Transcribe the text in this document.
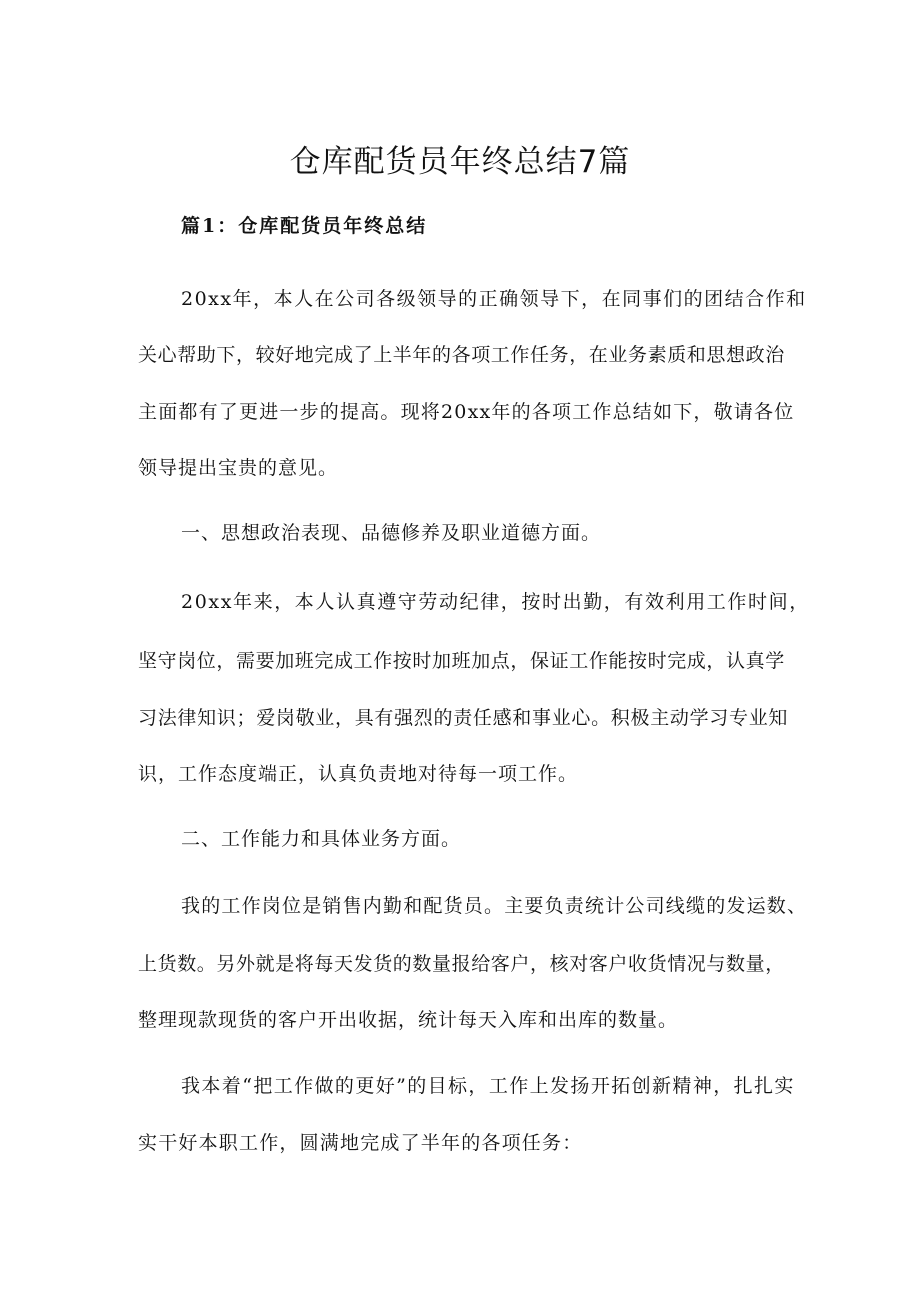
仓库配货员年终总结7篇
篇1：仓库配货员年终总结
20xx年，本人在公司各级领导的正确领导下，在同事们的团结合作和
关心帮助下，较好地完成了上半年的各项工作任务，在业务素质和思想政治
主面都有了更进一步的提高。现将20xx年的各项工作总结如下，敬请各位
领导提出宝贵的意见。
一、思想政治表现、品德修养及职业道德方面。
20xx年来，本人认真遵守劳动纪律，按时出勤，有效利用工作时间，
坚守岗位，需要加班完成工作按时加班加点，保证工作能按时完成，认真学
习法律知识；爱岗敬业，具有强烈的责任感和事业心。积极主动学习专业知
识，工作态度端正，认真负责地对待每一项工作。
二、工作能力和具体业务方面。
我的工作岗位是销售内勤和配货员。主要负责统计公司线缆的发运数、
上货数。另外就是将每天发货的数量报给客户，核对客户收货情况与数量，
整理现款现货的客户开出收据，统计每天入库和出库的数量。
我本着“把工作做的更好”的目标，工作上发扬开拓创新精神，扎扎实
实干好本职工作，圆满地完成了半年的各项任务：
